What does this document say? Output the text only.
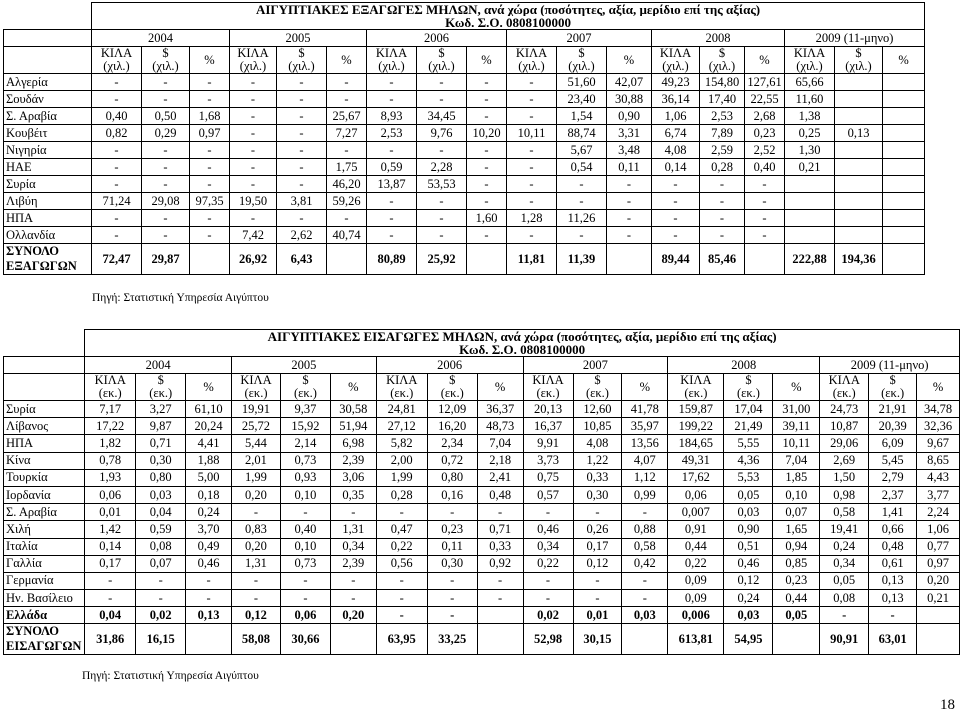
	ΑΙΓΥΠΤΙΑΚΕΣ ΕΞΑΓΩΓΕΣ ΜΗΛΩΝ, ανά χώρα (ποσότητες, αξία, μερίδιο επί της αξίας)																	
	Κωδ. Σ.Ο. 0808100000																	
	2004			2005			2006			2007			2008			2009 (11-μηνο)		
	ΚΙΛΑ
(χιλ.)	$
(χιλ.)	%	ΚΙΛΑ
(χιλ.)	$
(χιλ.)	%	ΚΙΛΑ
(χιλ.)	$
(χιλ.)	%	ΚΙΛΑ
(χιλ.)	$
(χιλ.)	%	ΚΙΛΑ
(χιλ.)	$
(χιλ.)	%	ΚΙΛΑ
(χιλ.)	$
(χιλ.)	%
Αλγερία	-	-	-	-	-	-	-	-	-	-	51,60	42,07	49,23	154,80	127,61	65,66		
Σουδάν	-	-	-	-	-	-	-	-	-	-	23,40	30,88	36,14	17,40	22,55	11,60		
Σ. Αραβία	0,40	0,50	1,68	-	-	25,67	8,93	34,45	-	-	1,54	0,90	1,06	2,53	2,68	1,38		
Κουβέιτ	0,82	0,29	0,97	-	-	7,27	2,53	9,76	10,20	10,11	88,74	3,31	6,74	7,89	0,23	0,25	0,13	
Νιγηρία	-	-	-	-	-	-	-	-	-	-	5,67	3,48	4,08	2,59	2,52	1,30		
ΗΑΕ	-	-	-	-	-	1,75	0,59	2,28	-	-	0,54	0,11	0,14	0,28	0,40	0,21		
Συρία	-	-	-	-	-	46,20	13,87	53,53	-	-	-	-	-	-	-			
Λιβύη	71,24	29,08	97,35	19,50	3,81	59,26	-	-	-	-	-	-	-	-	-			
ΗΠΑ	-	-	-	-	-	-	-	-	1,60	1,28	11,26	-	-	-	-			
Ολλανδία	-	-	-	7,42	2,62	40,74	-	-	-	-	-	-	-	-	-			
ΣΥΝΟΛΟ ΕΞΑΓΩΓΩΝ	72,47	29,87		26,92	6,43		80,89	25,92		11,81	11,39		89,44	85,46		222,88	194,36	
Πηγή: Στατιστική Υπηρεσία Αιγύπτου
	ΑΙΓΥΠΤΙΑΚΕΣ ΕΙΣΑΓΩΓΕΣ ΜΗΛΩΝ, ανά χώρα (ποσότητες, αξία, μερίδιο επί της αξίας)																	
	Κωδ. Σ.Ο. 0808100000																	
	2004			2005			2006			2007			2008			2009 (11-μηνο)		
	ΚΙΛΑ
(εκ.)	$
(εκ.)	%	ΚΙΛΑ
(εκ.)	$
(εκ.)	%	ΚΙΛΑ
(εκ.)	$
(εκ.)	%	ΚΙΛΑ
(εκ.)	$
(εκ.)	%	ΚΙΛΑ
(εκ.)	$
(εκ.)	%	ΚΙΛΑ
(εκ.)	$
(εκ.)	%
Συρία	7,17	3,27	61,10	19,91	9,37	30,58	24,81	12,09	36,37	20,13	12,60	41,78	159,87	17,04	31,00	24,73	21,91	34,78
Λίβανος	17,22	9,87	20,24	25,72	15,92	51,94	27,12	16,20	48,73	16,37	10,85	35,97	199,22	21,49	39,11	10,87	20,39	32,36
ΗΠΑ	1,82	0,71	4,41	5,44	2,14	6,98	5,82	2,34	7,04	9,91	4,08	13,56	184,65	5,55	10,11	29,06	6,09	9,67
Κίνα	0,78	0,30	1,88	2,01	0,73	2,39	2,00	0,72	2,18	3,73	1,22	4,07	49,31	4,36	7,04	2,69	5,45	8,65
Τουρκία	1,93	0,80	5,00	1,99	0,93	3,06	1,99	0,80	2,41	0,75	0,33	1,12	17,62	5,53	1,85	1,50	2,79	4,43
Ιορδανία	0,06	0,03	0,18	0,20	0,10	0,35	0,28	0,16	0,48	0,57	0,30	0,99	0,06	0,05	0,10	0,98	2,37	3,77
Σ. Αραβία	0,01	0,04	0,24	-	-	-	-	-	-	-	-	-	0,007	0,03	0,07	0,58	1,41	2,24
Χιλή	1,42	0,59	3,70	0,83	0,40	1,31	0,47	0,23	0,71	0,46	0,26	0,88	0,91	0,90	1,65	19,41	0,66	1,06
Ιταλία	0,14	0,08	0,49	0,20	0,10	0,34	0,22	0,11	0,33	0,34	0,17	0,58	0,44	0,51	0,94	0,24	0,48	0,77
Γαλλία	0,17	0,07	0,46	1,31	0,73	2,39	0,56	0,30	0,92	0,22	0,12	0,42	0,22	0,46	0,85	0,34	0,61	0,97
Γερμανία	-	-	-	-	-	-	-	-	-	-	-	-	0,09	0,12	0,23	0,05	0,13	0,20
Ην. Βασίλειο	-	-	-	-	-	-	-	-	-	-	-	-	0,09	0,24	0,44	0,08	0,13	0,21
Ελλάδα	0,04	0,02	0,13	0,12	0,06	0,20	-	-		0,02	0,01	0,03	0,006	0,03	0,05	-	-	
ΣΥΝΟΛΟ ΕΙΣΑΓΩΓΩΝ	31,86	16,15		58,08	30,66		63,95	33,25		52,98	30,15		613,81	54,95		90,91	63,01	
Πηγή: Στατιστική Υπηρεσία Αιγύπτου
18
